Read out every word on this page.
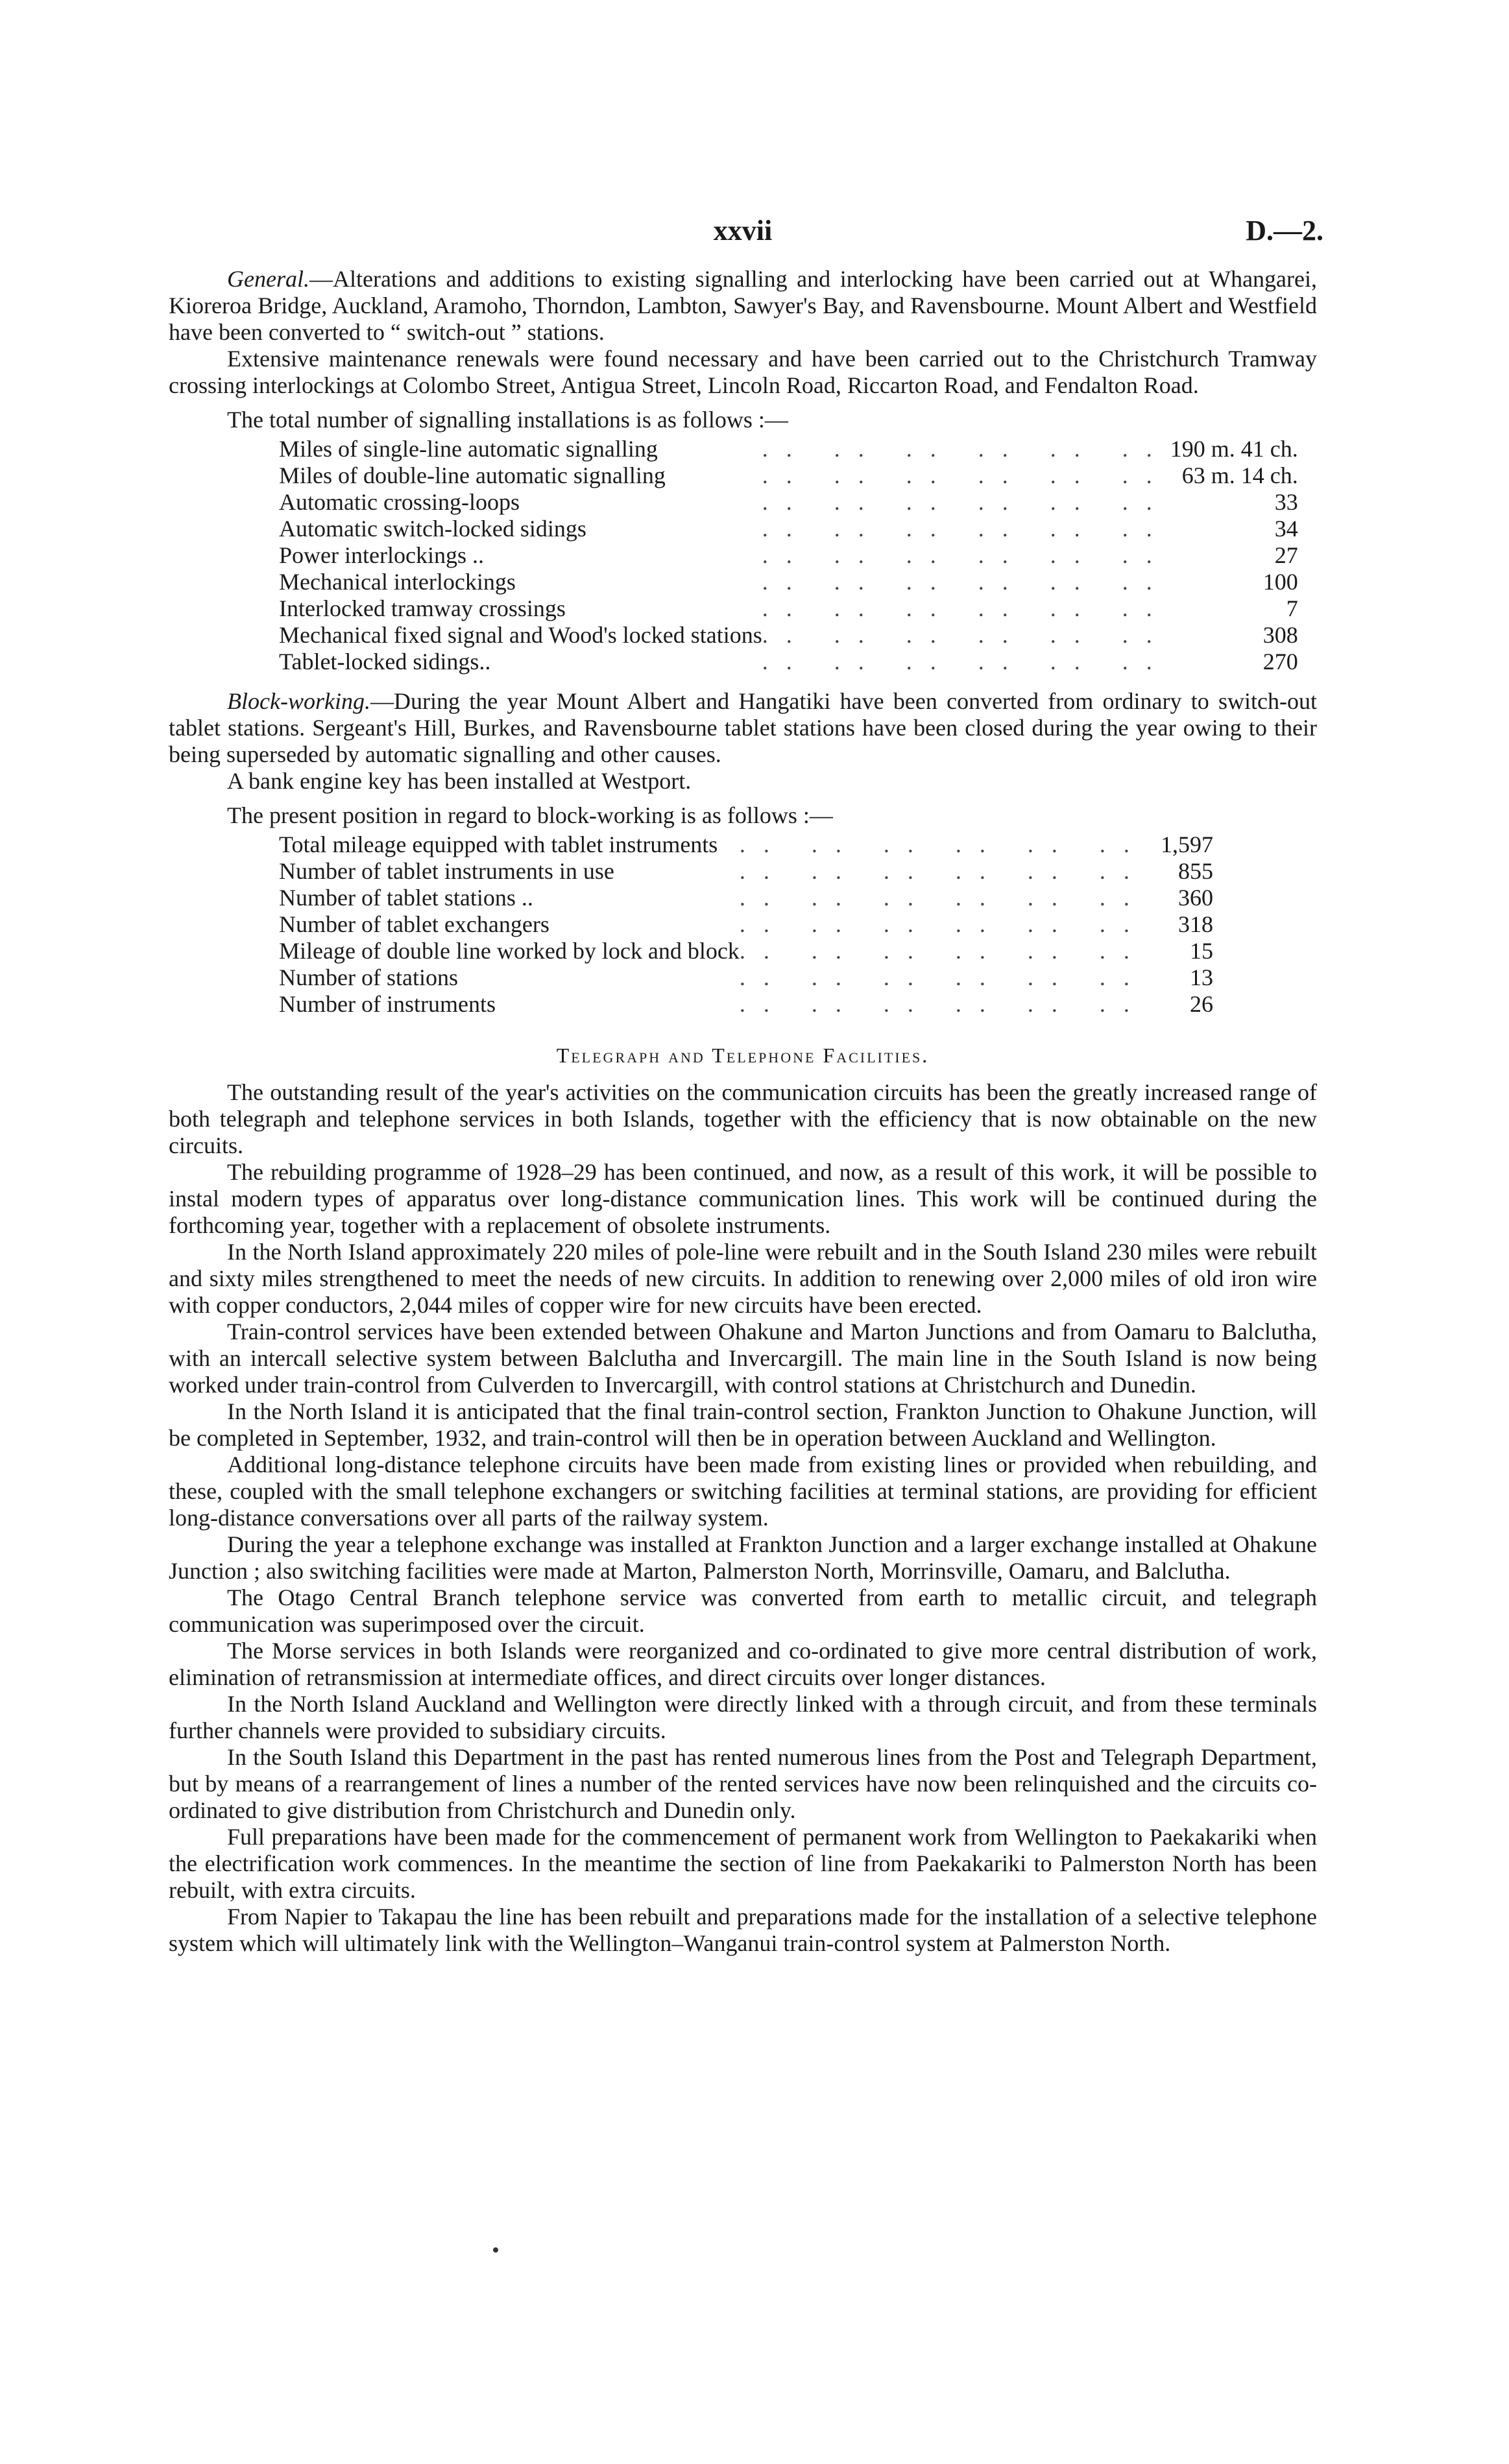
xxvii	D.—2.

General.—Alterations and additions to existing signalling and interlocking have been carried out at Whangarei, Kioreroa Bridge, Auckland, Aramoho, Thorndon, Lambton, Sawyer's Bay, and Ravensbourne. Mount Albert and Westfield have been converted to “ switch-out ” stations.

Extensive maintenance renewals were found necessary and have been carried out to the Christchurch Tramway crossing interlockings at Colombo Street, Antigua Street, Lincoln Road, Riccarton Road, and Fendalton Road.

The total number of signalling installations is as follows :—

Miles of single-line automatic signalling	.. .. .. .. .. ..	190 m. 41 ch.
Miles of double-line automatic signalling	.. .. .. .. .. ..	63 m. 14 ch.
Automatic crossing-loops	.. .. .. .. .. ..	33
Automatic switch-locked sidings	.. .. .. .. .. ..	34
Power interlockings ..	.. .. .. .. .. ..	27
Mechanical interlockings	.. .. .. .. .. ..	100
Interlocked tramway crossings	.. .. .. .. .. ..	7
Mechanical fixed signal and Wood's locked stations	.. .. .. .. .. ..	308
Tablet-locked sidings..	.. .. .. .. .. ..	270

Block-working.—During the year Mount Albert and Hangatiki have been converted from ordinary to switch-out tablet stations. Sergeant's Hill, Burkes, and Ravensbourne tablet stations have been closed during the year owing to their being superseded by automatic signalling and other causes.

A bank engine key has been installed at Westport.

The present position in regard to block-working is as follows :—

Total mileage equipped with tablet instruments	.. .. .. .. .. ..	1,597
Number of tablet instruments in use	.. .. .. .. .. ..	855
Number of tablet stations ..	.. .. .. .. .. ..	360
Number of tablet exchangers	.. .. .. .. .. ..	318
Mileage of double line worked by lock and block	.. .. .. .. .. ..	15
Number of stations	.. .. .. .. .. ..	13
Number of instruments	.. .. .. .. .. ..	26
Telegraph and Telephone Facilities.

The outstanding result of the year's activities on the communication circuits has been the greatly increased range of both telegraph and telephone services in both Islands, together with the efficiency that is now obtainable on the new circuits.

The rebuilding programme of 1928–29 has been continued, and now, as a result of this work, it will be possible to instal modern types of apparatus over long-distance communication lines. This work will be continued during the forthcoming year, together with a replacement of obsolete instruments.

In the North Island approximately 220 miles of pole-line were rebuilt and in the South Island 230 miles were rebuilt and sixty miles strengthened to meet the needs of new circuits. In addition to renewing over 2,000 miles of old iron wire with copper conductors, 2,044 miles of copper wire for new circuits have been erected.

Train-control services have been extended between Ohakune and Marton Junctions and from Oamaru to Balclutha, with an intercall selective system between Balclutha and Invercargill. The main line in the South Island is now being worked under train-control from Culverden to Invercargill, with control stations at Christchurch and Dunedin.

In the North Island it is anticipated that the final train-control section, Frankton Junction to Ohakune Junction, will be completed in September, 1932, and train-control will then be in operation between Auckland and Wellington.

Additional long-distance telephone circuits have been made from existing lines or provided when rebuilding, and these, coupled with the small telephone exchangers or switching facilities at terminal stations, are providing for efficient long-distance conversations over all parts of the railway system.

During the year a telephone exchange was installed at Frankton Junction and a larger exchange installed at Ohakune Junction ; also switching facilities were made at Marton, Palmerston North, Morrinsville, Oamaru, and Balclutha.

The Otago Central Branch telephone service was converted from earth to metallic circuit, and telegraph communication was superimposed over the circuit.

The Morse services in both Islands were reorganized and co-ordinated to give more central distribution of work, elimination of retransmission at intermediate offices, and direct circuits over longer distances.

In the North Island Auckland and Wellington were directly linked with a through circuit, and from these terminals further channels were provided to subsidiary circuits.

In the South Island this Department in the past has rented numerous lines from the Post and Telegraph Department, but by means of a rearrangement of lines a number of the rented services have now been relinquished and the circuits co-ordinated to give distribution from Christchurch and Dunedin only.

Full preparations have been made for the commencement of permanent work from Wellington to Paekakariki when the electrification work commences. In the meantime the section of line from Paekakariki to Palmerston North has been rebuilt, with extra circuits.

From Napier to Takapau the line has been rebuilt and preparations made for the installation of a selective telephone system which will ultimately link with the Wellington–Wanganui train-control system at Palmerston North.
